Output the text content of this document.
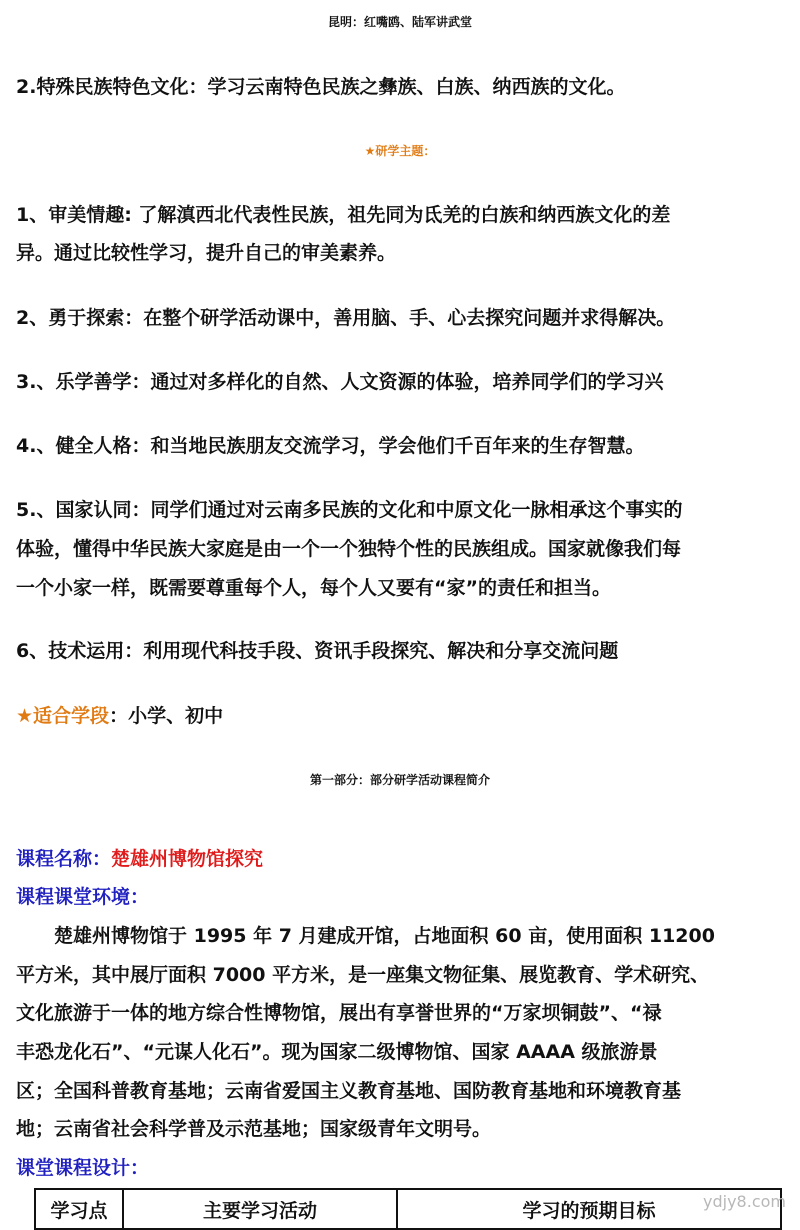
昆明：红嘴鸥、陆军讲武堂
2.特殊民族特色文化：学习云南特色民族之彝族、白族、纳西族的文化。
★研学主题：
1、审美情趣: 了解滇西北代表性民族，祖先同为氐羌的白族和纳西族文化的差
异。通过比较性学习，提升自己的审美素养。
2、勇于探索：在整个研学活动课中，善用脑、手、心去探究问题并求得解决。
3.、乐学善学：通过对多样化的自然、人文资源的体验，培养同学们的学习兴
4.、健全人格：和当地民族朋友交流学习，学会他们千百年来的生存智慧。
5.、国家认同：同学们通过对云南多民族的文化和中原文化一脉相承这个事实的
体验，懂得中华民族大家庭是由一个一个独特个性的民族组成。国家就像我们每
一个小家一样，既需要尊重每个人，每个人又要有“家”的责任和担当。
6、技术运用：利用现代科技手段、资讯手段探究、解决和分享交流问题
★适合学段：小学、初中
第一部分：部分研学活动课程简介
课程名称：楚雄州博物馆探究
课程课堂环境：
　　楚雄州博物馆于 1995 年 7 月建成开馆，占地面积 60 亩，使用面积 11200
平方米，其中展厅面积 7000 平方米，是一座集文物征集、展览教育、学术研究、
文化旅游于一体的地方综合性博物馆，展出有享誉世界的“万家坝铜鼓”、“禄
丰恐龙化石”、“元谋人化石”。现为国家二级博物馆、国家 AAAA 级旅游景
区；全国科普教育基地；云南省爱国主义教育基地、国防教育基地和环境教育基
地；云南省社会科学普及示范基地；国家级青年文明号。
课堂课程设计：
学习点	主要学习活动	学习的预期目标	ydjy8.com
